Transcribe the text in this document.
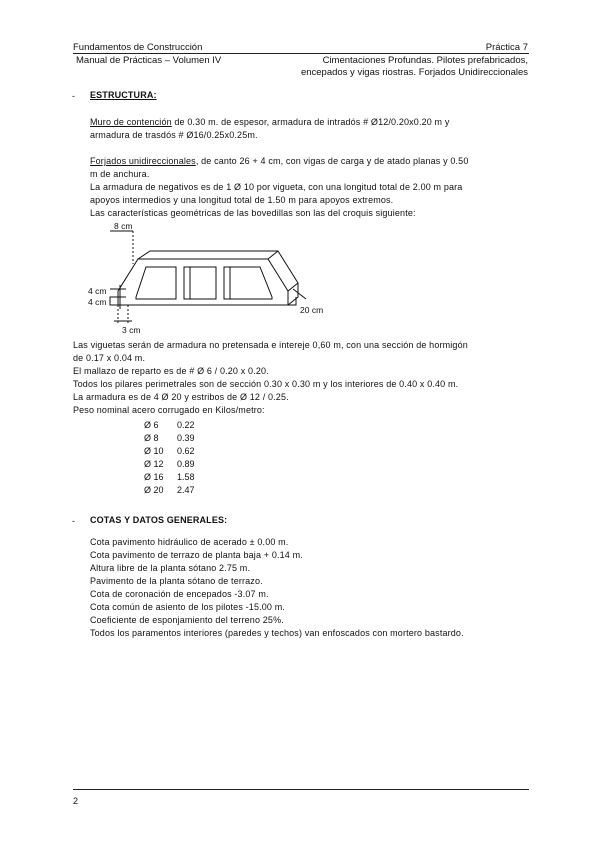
Fundamentos de Construcción	Práctica 7
Manual de Prácticas – Volumen IV	Cimentaciones Profundas. Pilotes prefabricados,
encepados y vigas riostras. Forjados Unidireccionales
- ESTRUCTURA:
Muro de contención de 0.30 m. de espesor, armadura de intradós # Ø12/0.20x0.20 m y
armadura de trasdós # Ø16/0.25x0.25m.
Forjados unidireccionales, de canto 26 + 4 cm, con vigas de carga y de atado planas y 0.50
m de anchura.
La armadura de negativos es de 1 Ø 10 por vigueta, con una longitud total de 2.00 m para
apoyos intermedios y una longitud total de 1.50 m para apoyos extremos.
Las características geométricas de las bovedillas son las del croquis siguiente:
8 cm
4 cm
4 cm
3 cm
20 cm
Las viguetas serán de armadura no pretensada e intereje 0,60 m, con una sección de hormigón
de 0.17 x 0.04 m.
El mallazo de reparto es de # Ø 6 / 0.20 x 0.20.
Todos los pilares perimetrales son de sección 0.30 x 0.30 m y los interiores de 0.40 x 0.40 m.
La armadura es de 4 Ø 20 y estribos de Ø 12 / 0.25.
Peso nominal acero corrugado en Kilos/metro:
Ø 6	0.22
Ø 8	0.39
Ø 10	0.62
Ø 12	0.89
Ø 16	1.58
Ø 20	2.47
- COTAS Y DATOS GENERALES:
Cota pavimento hidráulico de acerado ± 0.00 m.
Cota pavimento de terrazo de planta baja + 0.14 m.
Altura libre de la planta sótano 2.75 m.
Pavimento de la planta sótano de terrazo.
Cota de coronación de encepados -3.07 m.
Cota común de asiento de los pilotes -15.00 m.
Coeficiente de esponjamiento del terreno 25%.
Todos los paramentos interiores (paredes y techos) van enfoscados con mortero bastardo.
2
